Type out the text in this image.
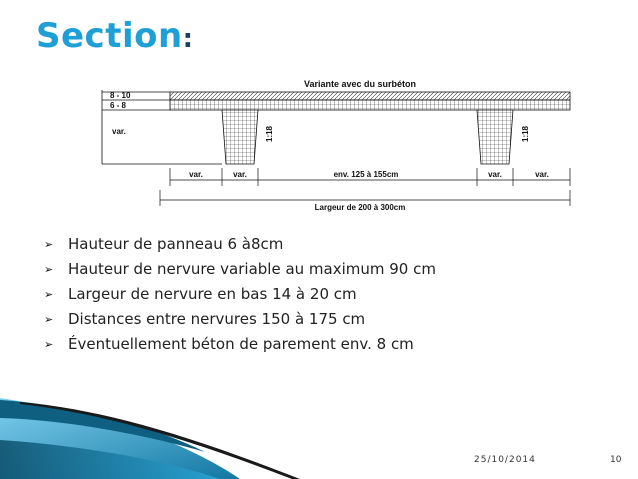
Section:
Variante avec du surbéton
1:18	1:18
8 - 10
6 - 8
var.
var.	var.	env. 125 à 155cm	var.	var.
Largeur de 200 à 300cm
➢ Hauteur de panneau 6 à8cm
➢ Hauteur de nervure variable au maximum 90 cm
➢ Largeur de nervure en bas 14 à 20 cm
➢ Distances entre nervures 150 à 175 cm
➢ Éventuellement béton de parement env. 8 cm
25/10/2014	10
